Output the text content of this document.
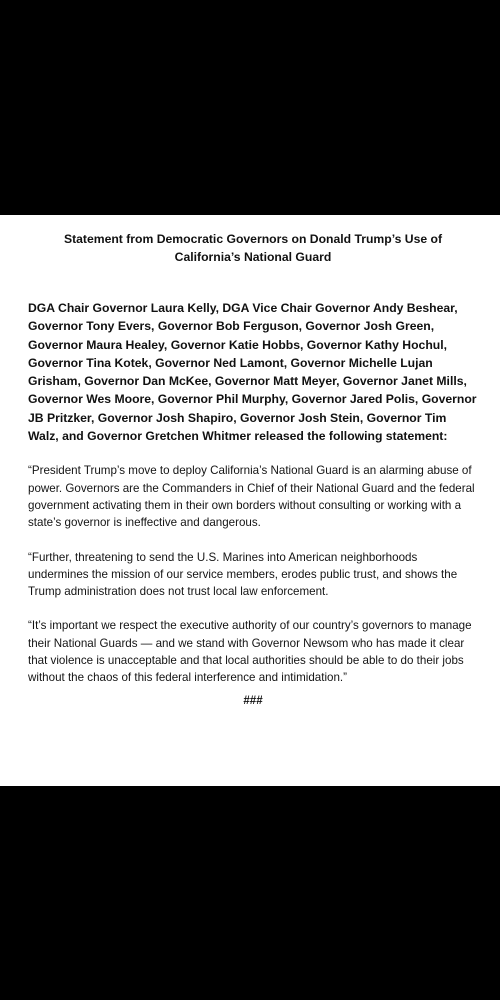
Statement from Democratic Governors on Donald Trump’s Use of California’s National Guard
DGA Chair Governor Laura Kelly, DGA Vice Chair Governor Andy Beshear, Governor Tony Evers, Governor Bob Ferguson, Governor Josh Green, Governor Maura Healey, Governor Katie Hobbs, Governor Kathy Hochul, Governor Tina Kotek, Governor Ned Lamont, Governor Michelle Lujan Grisham, Governor Dan McKee, Governor Matt Meyer, Governor Janet Mills, Governor Wes Moore, Governor Phil Murphy, Governor Jared Polis, Governor JB Pritzker, Governor Josh Shapiro, Governor Josh Stein, Governor Tim Walz, and Governor Gretchen Whitmer released the following statement:
“President Trump’s move to deploy California’s National Guard is an alarming abuse of power. Governors are the Commanders in Chief of their National Guard and the federal government activating them in their own borders without consulting or working with a state’s governor is ineffective and dangerous.
“Further, threatening to send the U.S. Marines into American neighborhoods undermines the mission of our service members, erodes public trust, and shows the Trump administration does not trust local law enforcement.
“It’s important we respect the executive authority of our country’s governors to manage their National Guards — and we stand with Governor Newsom who has made it clear that violence is unacceptable and that local authorities should be able to do their jobs without the chaos of this federal interference and intimidation.”
###
